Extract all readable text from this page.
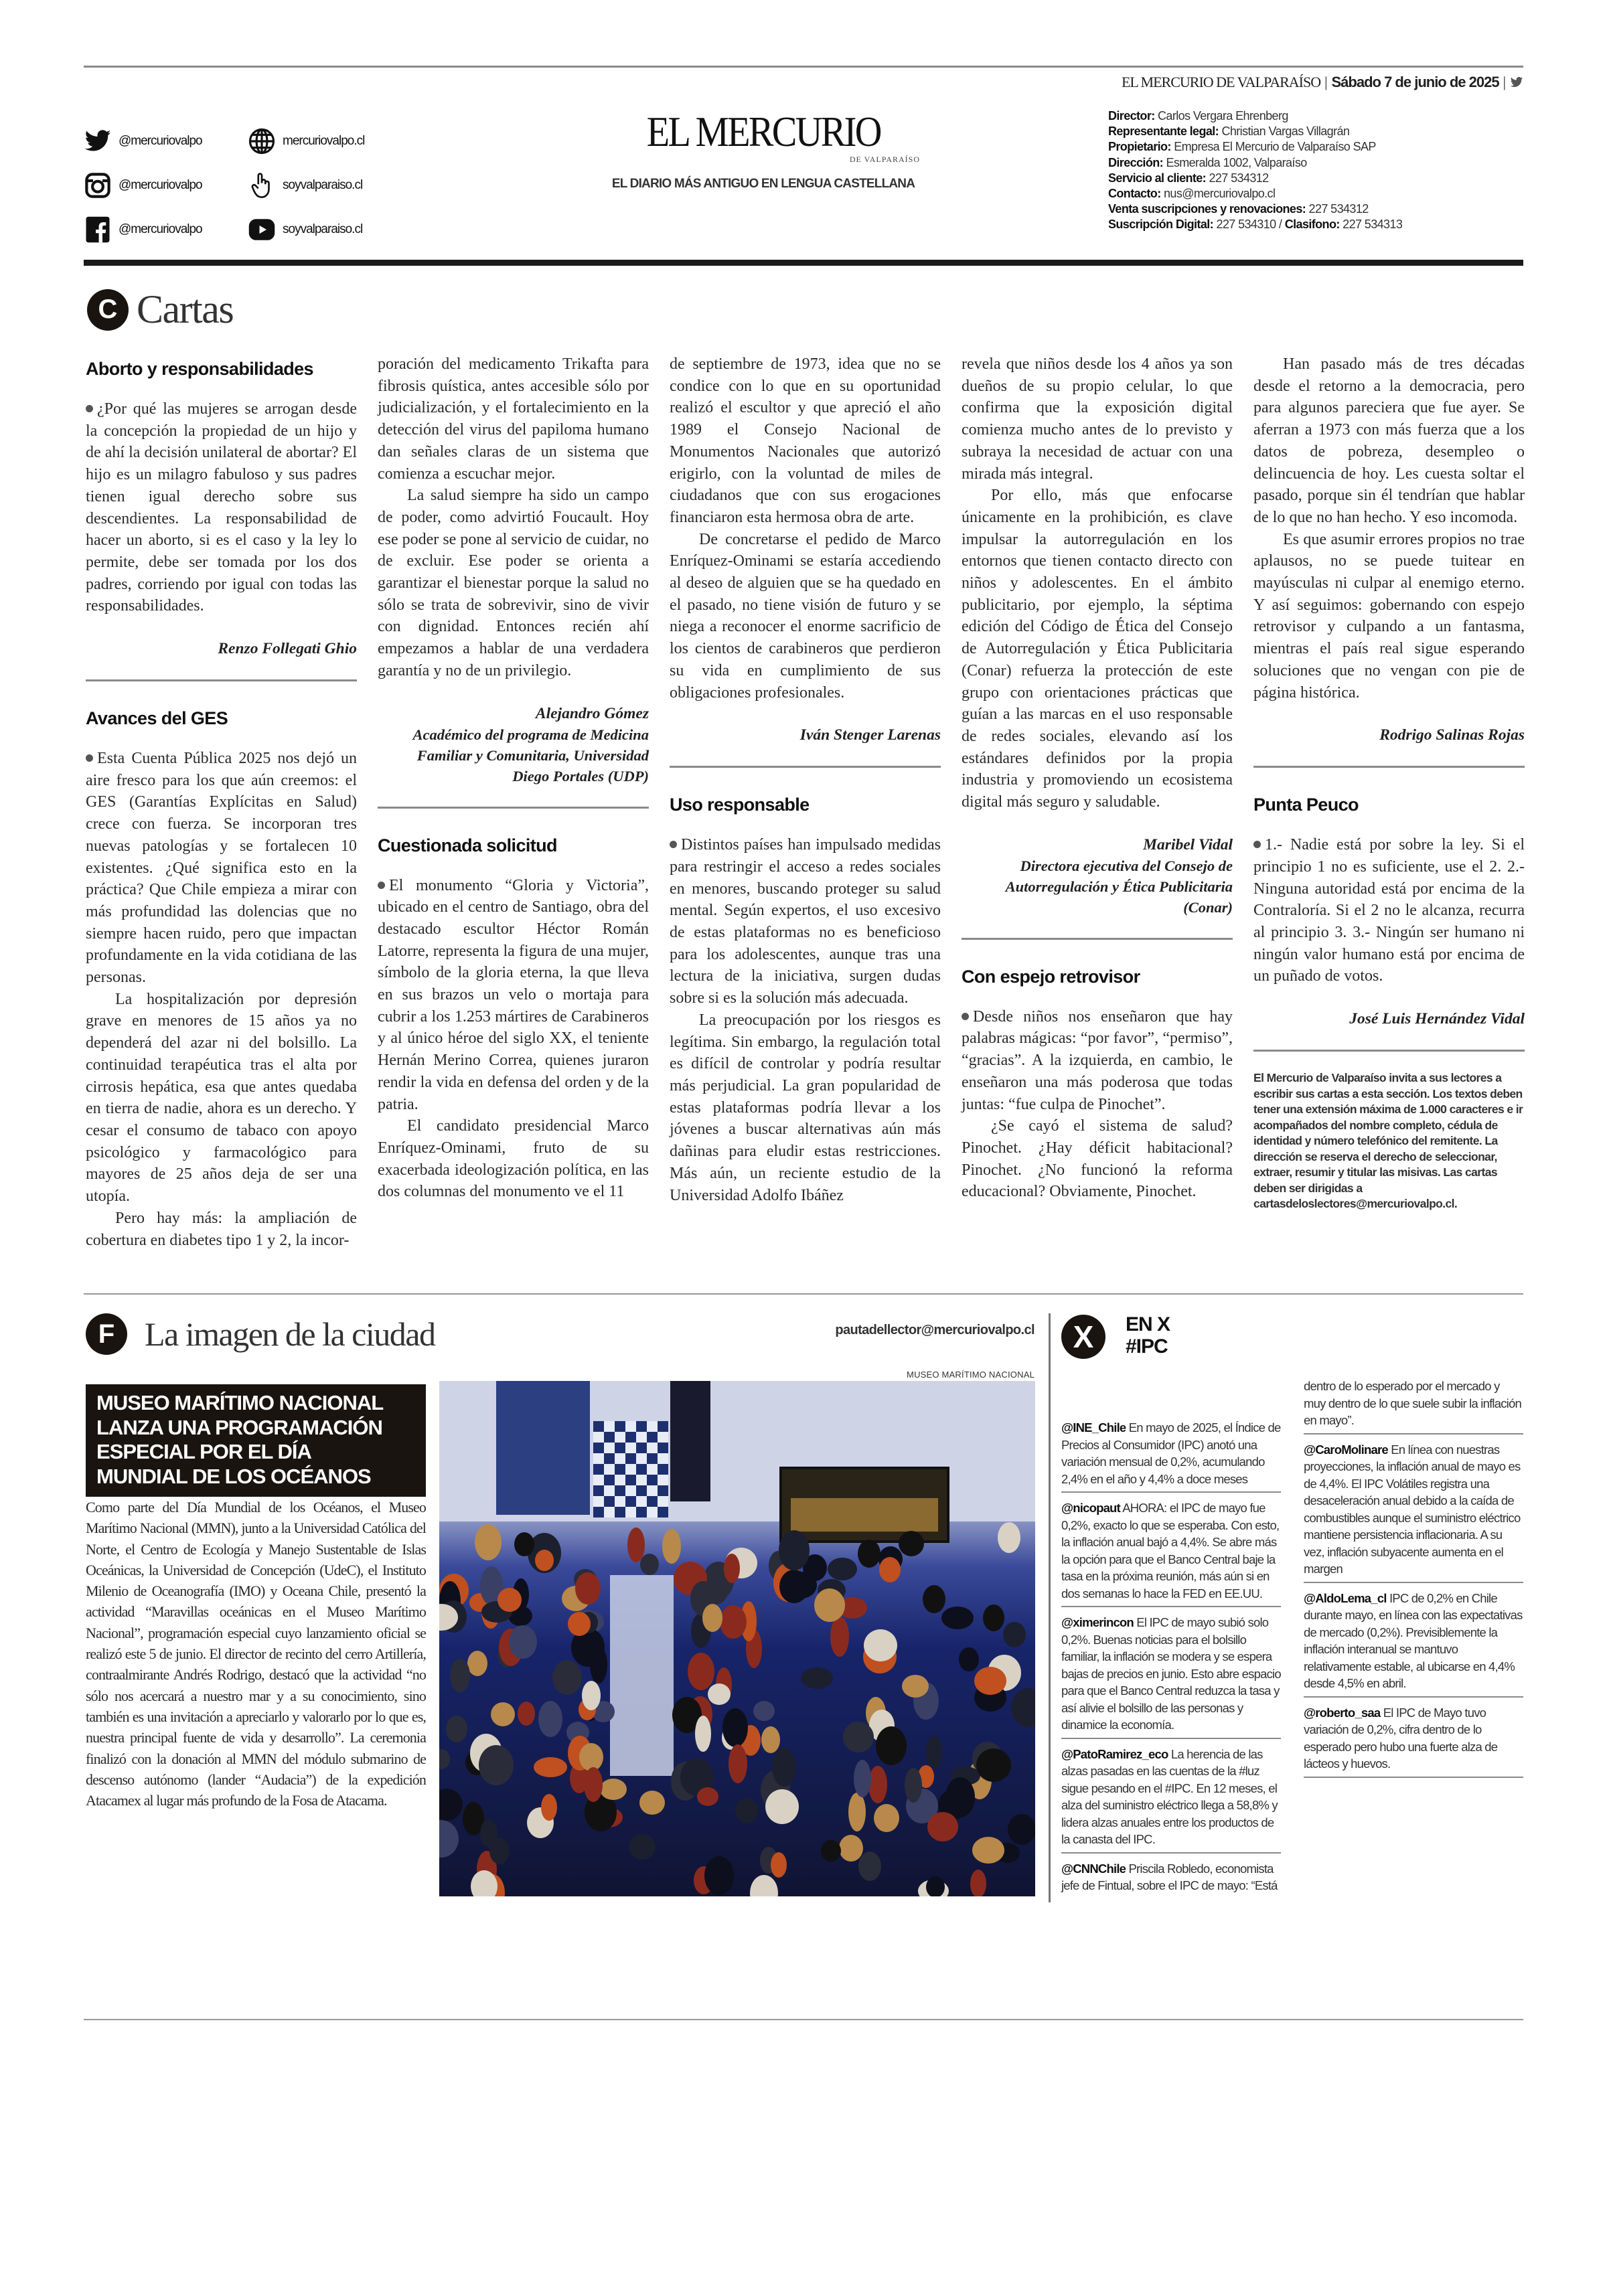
EL MERCURIO DE VALPARAÍSO | Sábado 7 de junio de 2025 |
@mercuriovalpo	mercuriovalpo.cl
@mercuriovalpo	soyvalparaiso.cl
@mercuriovalpo	soyvalparaiso.cl
EL MERCURIO
DE VALPARAÍSO
EL DIARIO MÁS ANTIGUO EN LENGUA CASTELLANA
Director: Carlos Vergara Ehrenberg
Representante legal: Christian Vargas Villagrán
Propietario: Empresa El Mercurio de Valparaíso SAP
Dirección: Esmeralda 1002, Valparaíso
Servicio al cliente: 227 534312
Contacto: nus@mercuriovalpo.cl
Venta suscripciones y renovaciones: 227 534312
Suscripción Digital: 227 534310 / Clasifono: 227 534313
C Cartas
Aborto y responsabilidades

¿Por qué las mujeres se arrogan desde la concepción la propiedad de un hijo y de ahí la decisión unilateral de abortar? El hijo es un milagro fabuloso y sus padres tienen igual derecho sobre sus descendientes. La responsabilidad de hacer un aborto, si es el caso y la ley lo permite, debe ser tomada por los dos padres, corriendo por igual con todas las responsabilidades.

Renzo Follegati Ghio
Avances del GES

Esta Cuenta Pública 2025 nos dejó un aire fresco para los que aún creemos: el GES (Garantías Explícitas en Salud) crece con fuerza. Se incorporan tres nuevas patologías y se fortalecen 10 existentes. ¿Qué significa esto en la práctica? Que Chile empieza a mirar con más profundidad las dolencias que no siempre hacen ruido, pero que impactan profundamente en la vida cotidiana de las personas.

La hospitalización por depresión grave en menores de 15 años ya no dependerá del azar ni del bolsillo. La continuidad terapéutica tras el alta por cirrosis hepática, esa que antes quedaba en tierra de nadie, ahora es un derecho. Y cesar el consumo de tabaco con apoyo psicológico y farmacológico para mayores de 25 años deja de ser una utopía.

Pero hay más: la ampliación de cobertura en diabetes tipo 1 y 2, la incor-

poración del medicamento Trikafta para fibrosis quística, antes accesible sólo por judicialización, y el fortalecimiento en la detección del virus del papiloma humano dan señales claras de un sistema que comienza a escuchar mejor.

La salud siempre ha sido un campo de poder, como advirtió Foucault. Hoy ese poder se pone al servicio de cuidar, no de excluir. Ese poder se orienta a garantizar el bienestar porque la salud no sólo se trata de sobrevivir, sino de vivir con dignidad. Entonces recién ahí empezamos a hablar de una verdadera garantía y no de un privilegio.

Alejandro Gómez
Académico del programa de Medicina Familiar y Comunitaria, Universidad Diego Portales (UDP)
Cuestionada solicitud

El monumento “Gloria y Victoria”, ubicado en el centro de Santiago, obra del destacado escultor Héctor Román Latorre, representa la figura de una mujer, símbolo de la gloria eterna, la que lleva en sus brazos un velo o mortaja para cubrir a los 1.253 mártires de Carabineros y al único héroe del siglo XX, el teniente Hernán Merino Correa, quienes juraron rendir la vida en defensa del orden y de la patria.

El candidato presidencial Marco Enríquez-Ominami, fruto de su exacerbada ideologización política, en las dos columnas del monumento ve el 11

de septiembre de 1973, idea que no se condice con lo que en su oportunidad realizó el escultor y que apreció el año 1989 el Consejo Nacional de Monumentos Nacionales que autorizó erigirlo, con la voluntad de miles de ciudadanos que con sus erogaciones financiaron esta hermosa obra de arte.

De concretarse el pedido de Marco Enríquez-Ominami se estaría accediendo al deseo de alguien que se ha quedado en el pasado, no tiene visión de futuro y se niega a reconocer el enorme sacrificio de los cientos de carabineros que perdieron su vida en cumplimiento de sus obligaciones profesionales.

Iván Stenger Larenas
Uso responsable

Distintos países han impulsado medidas para restringir el acceso a redes sociales en menores, buscando proteger su salud mental. Según expertos, el uso excesivo de estas plataformas no es beneficioso para los adolescentes, aunque tras una lectura de la iniciativa, surgen dudas sobre si es la solución más adecuada.

La preocupación por los riesgos es legítima. Sin embargo, la regulación total es difícil de controlar y podría resultar más perjudicial. La gran popularidad de estas plataformas podría llevar a los jóvenes a buscar alternativas aún más dañinas para eludir estas restricciones. Más aún, un reciente estudio de la Universidad Adolfo Ibáñez

revela que niños desde los 4 años ya son dueños de su propio celular, lo que confirma que la exposición digital comienza mucho antes de lo previsto y subraya la necesidad de actuar con una mirada más integral.

Por ello, más que enfocarse únicamente en la prohibición, es clave impulsar la autorregulación en los entornos que tienen contacto directo con niños y adolescentes. En el ámbito publicitario, por ejemplo, la séptima edición del Código de Ética del Consejo de Autorregulación y Ética Publicitaria (Conar) refuerza la protección de este grupo con orientaciones prácticas que guían a las marcas en el uso responsable de redes sociales, elevando así los estándares definidos por la propia industria y promoviendo un ecosistema digital más seguro y saludable.

Maribel Vidal
Directora ejecutiva del Consejo de Autorregulación y Ética Publicitaria (Conar)
Con espejo retrovisor

Desde niños nos enseñaron que hay palabras mágicas: “por favor”, “permiso”, “gracias”. A la izquierda, en cambio, le enseñaron una más poderosa que todas juntas: “fue culpa de Pinochet”.

¿Se cayó el sistema de salud? Pinochet. ¿Hay déficit habitacional? Pinochet. ¿No funcionó la reforma educacional? Obviamente, Pinochet.

Han pasado más de tres décadas desde el retorno a la democracia, pero para algunos pareciera que fue ayer. Se aferran a 1973 con más fuerza que a los datos de pobreza, desempleo o delincuencia de hoy. Les cuesta soltar el pasado, porque sin él tendrían que hablar de lo que no han hecho. Y eso incomoda.

Es que asumir errores propios no trae aplausos, no se puede tuitear en mayúsculas ni culpar al enemigo eterno. Y así seguimos: gobernando con espejo retrovisor y culpando a un fantasma, mientras el país real sigue esperando soluciones que no vengan con pie de página histórica.

Rodrigo Salinas Rojas
Punta Peuco

1.- Nadie está por sobre la ley. Si el principio 1 no es suficiente, use el 2. 2.- Ninguna autoridad está por encima de la Contraloría. Si el 2 no le alcanza, recurra al principio 3. 3.- Ningún ser humano ni ningún valor humano está por encima de un puñado de votos.

José Luis Hernández Vidal
El Mercurio de Valparaíso invita a sus lectores a escribir sus cartas a esta sección. Los textos deben tener una extensión máxima de 1.000 caracteres e ir acompañados del nombre completo, cédula de identidad y número telefónico del remitente. La dirección se reserva el derecho de seleccionar, extraer, resumir y titular las misivas. Las cartas deben ser dirigidas a cartasdeloslectores@mercuriovalpo.cl.
F La imagen de la ciudad	pautadellector@mercuriovalpo.cl
MUSEO MARÍTIMO NACIONAL
MUSEO MARÍTIMO NACIONAL
LANZA UNA PROGRAMACIÓN
ESPECIAL POR EL DÍA
MUNDIAL DE LOS OCÉANOS
Como parte del Día Mundial de los Océanos, el Museo Marítimo Nacional (MMN), junto a la Universidad Católica del Norte, el Centro de Ecología y Manejo Sustentable de Islas Oceánicas, la Universidad de Concepción (UdeC), el Instituto Milenio de Oceanografía (IMO) y Oceana Chile, presentó la actividad “Maravillas oceánicas en el Museo Marítimo Nacional”, programación especial cuyo lanzamiento oficial se realizó este 5 de junio. El director de recinto del cerro Artillería, contraalmirante Andrés Rodrigo, destacó que la actividad “no sólo nos acercará a nuestro mar y a su conocimiento, sino también es una invitación a apreciarlo y valorarlo por lo que es, nuestra principal fuente de vida y desarrollo”. La ceremonia finalizó con la donación al MMN del módulo submarino de descenso autónomo (lander “Audacia”) de la expedición Atacamex al lugar más profundo de la Fosa de Atacama.
X	EN X
#IPC
@INE_Chile En mayo de 2025, el Índice de Precios al Consumidor (IPC) anotó una variación mensual de 0,2%, acumulando 2,4% en el año y 4,4% a doce meses
@nicopaut AHORA: el IPC de mayo fue 0,2%, exacto lo que se esperaba. Con esto, la inflación anual bajó a 4,4%. Se abre más la opción para que el Banco Central baje la tasa en la próxima reunión, más aún si en dos semanas lo hace la FED en EE.UU.
@ximerincon El IPC de mayo subió solo 0,2%. Buenas noticias para el bolsillo familiar, la inflación se modera y se espera bajas de precios en junio. Esto abre espacio para que el Banco Central reduzca la tasa y así alivie el bolsillo de las personas y dinamice la economía.
@PatoRamirez_eco La herencia de las alzas pasadas en las cuentas de la #luz sigue pesando en el #IPC. En 12 meses, el alza del suministro eléctrico llega a 58,8% y lidera alzas anuales entre los productos de la canasta del IPC.
@CNNChile Priscila Robledo, economista jefe de Fintual, sobre el IPC de mayo: “Está dentro de lo esperado por el mercado y muy dentro de lo que suele subir la inflación en mayo”.
@CaroMolinare En línea con nuestras proyecciones, la inflación anual de mayo es de 4,4%. El IPC Volátiles registra una desaceleración anual debido a la caída de combustibles aunque el suministro eléctrico mantiene persistencia inflacionaria. A su vez, inflación subyacente aumenta en el margen
@AldoLema_cl IPC de 0,2% en Chile durante mayo, en línea con las expectativas de mercado (0,2%). Previsiblemente la inflación interanual se mantuvo relativamente estable, al ubicarse en 4,4% desde 4,5% en abril.
@roberto_saa El IPC de Mayo tuvo variación de 0,2%, cifra dentro de lo esperado pero hubo una fuerte alza de lácteos y huevos.
